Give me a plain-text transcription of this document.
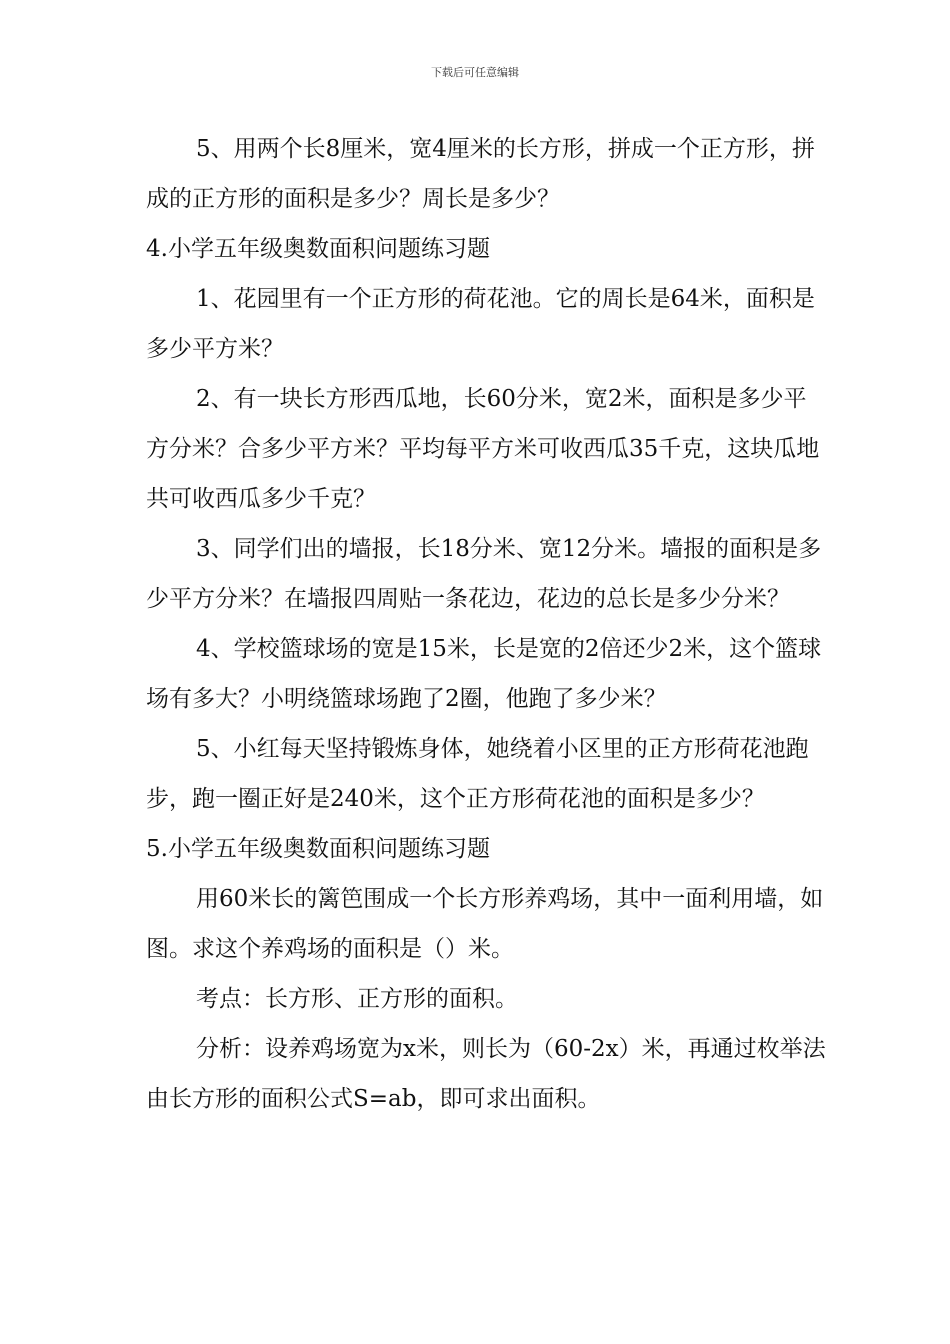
下载后可任意编辑

5、用两个长8厘米，宽4厘米的长方形，拼成一个正方形，拼成的正方形的面积是多少？周长是多少？

4.小学五年级奥数面积问题练习题

1、花园里有一个正方形的荷花池。它的周长是64米，面积是多少平方米？

2、有一块长方形西瓜地，长60分米，宽2米，面积是多少平方分米？合多少平方米？平均每平方米可收西瓜35千克，这块瓜地共可收西瓜多少千克？

3、同学们出的墙报，长18分米、宽12分米。墙报的面积是多少平方分米？在墙报四周贴一条花边，花边的总长是多少分米？

4、学校篮球场的宽是15米，长是宽的2倍还少2米，这个篮球场有多大？小明绕篮球场跑了2圈，他跑了多少米？

5、小红每天坚持锻炼身体，她绕着小区里的正方形荷花池跑步，跑一圈正好是240米，这个正方形荷花池的面积是多少？

5.小学五年级奥数面积问题练习题

用60米长的篱笆围成一个长方形养鸡场，其中一面利用墙，如图。求这个养鸡场的面积是（）米。

考点：长方形、正方形的面积。

分析：设养鸡场宽为x米，则长为（60-2x）米，再通过枚举法由长方形的面积公式S=ab，即可求出面积。
